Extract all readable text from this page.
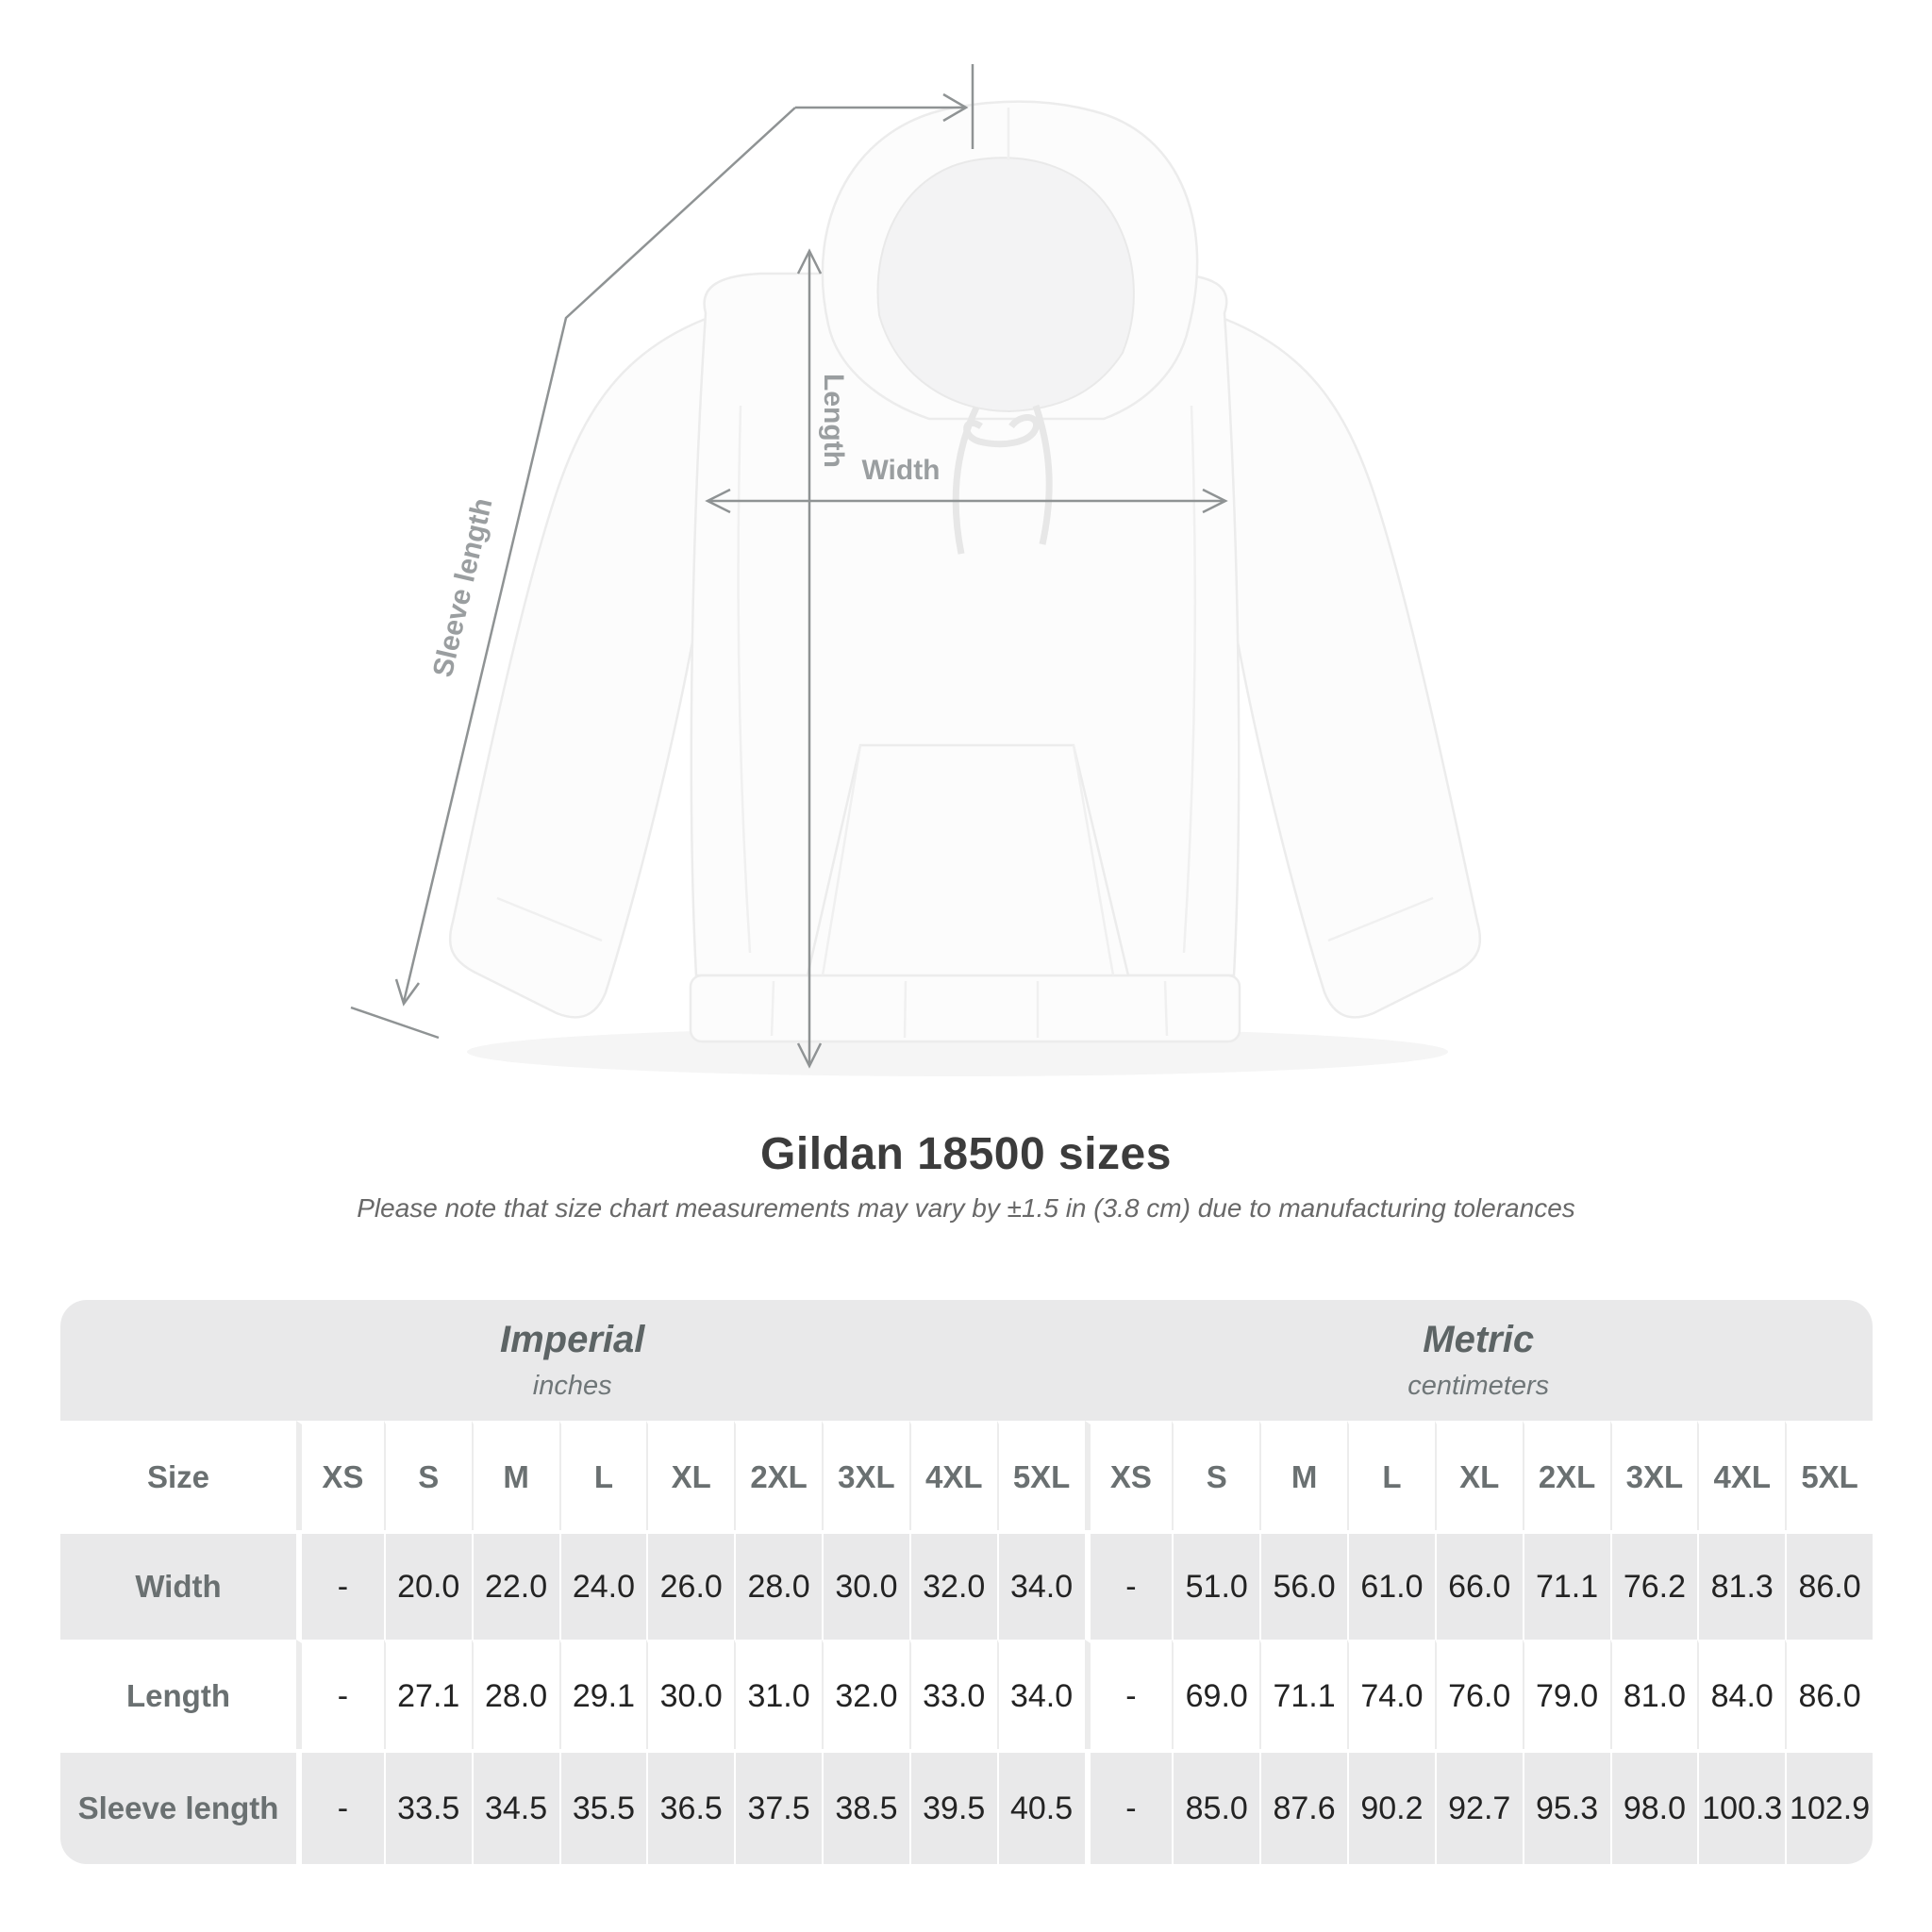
Sleeve length
Length
Width
Gildan 18500 sizes

Please note that size chart measurements may vary by ±1.5 in (3.8 cm) due to manufacturing tolerances

Imperial
inches
Metric
centimeters
Size	XS	S	M	L	XL	2XL 3XL 4XL 5XL	XS	S	M	L	XL	2XL 3XL 4XL 5XL
Width	-	20.0 22.0 24.0 26.0 28.0 30.0 32.0 34.0	-	51.0 56.0 61.0 66.0 71.1 76.2 81.3 86.0
Length	-	27.1 28.0 29.1 30.0 31.0 32.0 33.0 34.0	-	69.0 71.1 74.0 76.0 79.0 81.0 84.0 86.0
Sleeve length	-	33.5 34.5 35.5 36.5 37.5 38.5 39.5 40.5	-	85.0 87.6 90.2 92.7 95.3 98.0 100.3 102.9
